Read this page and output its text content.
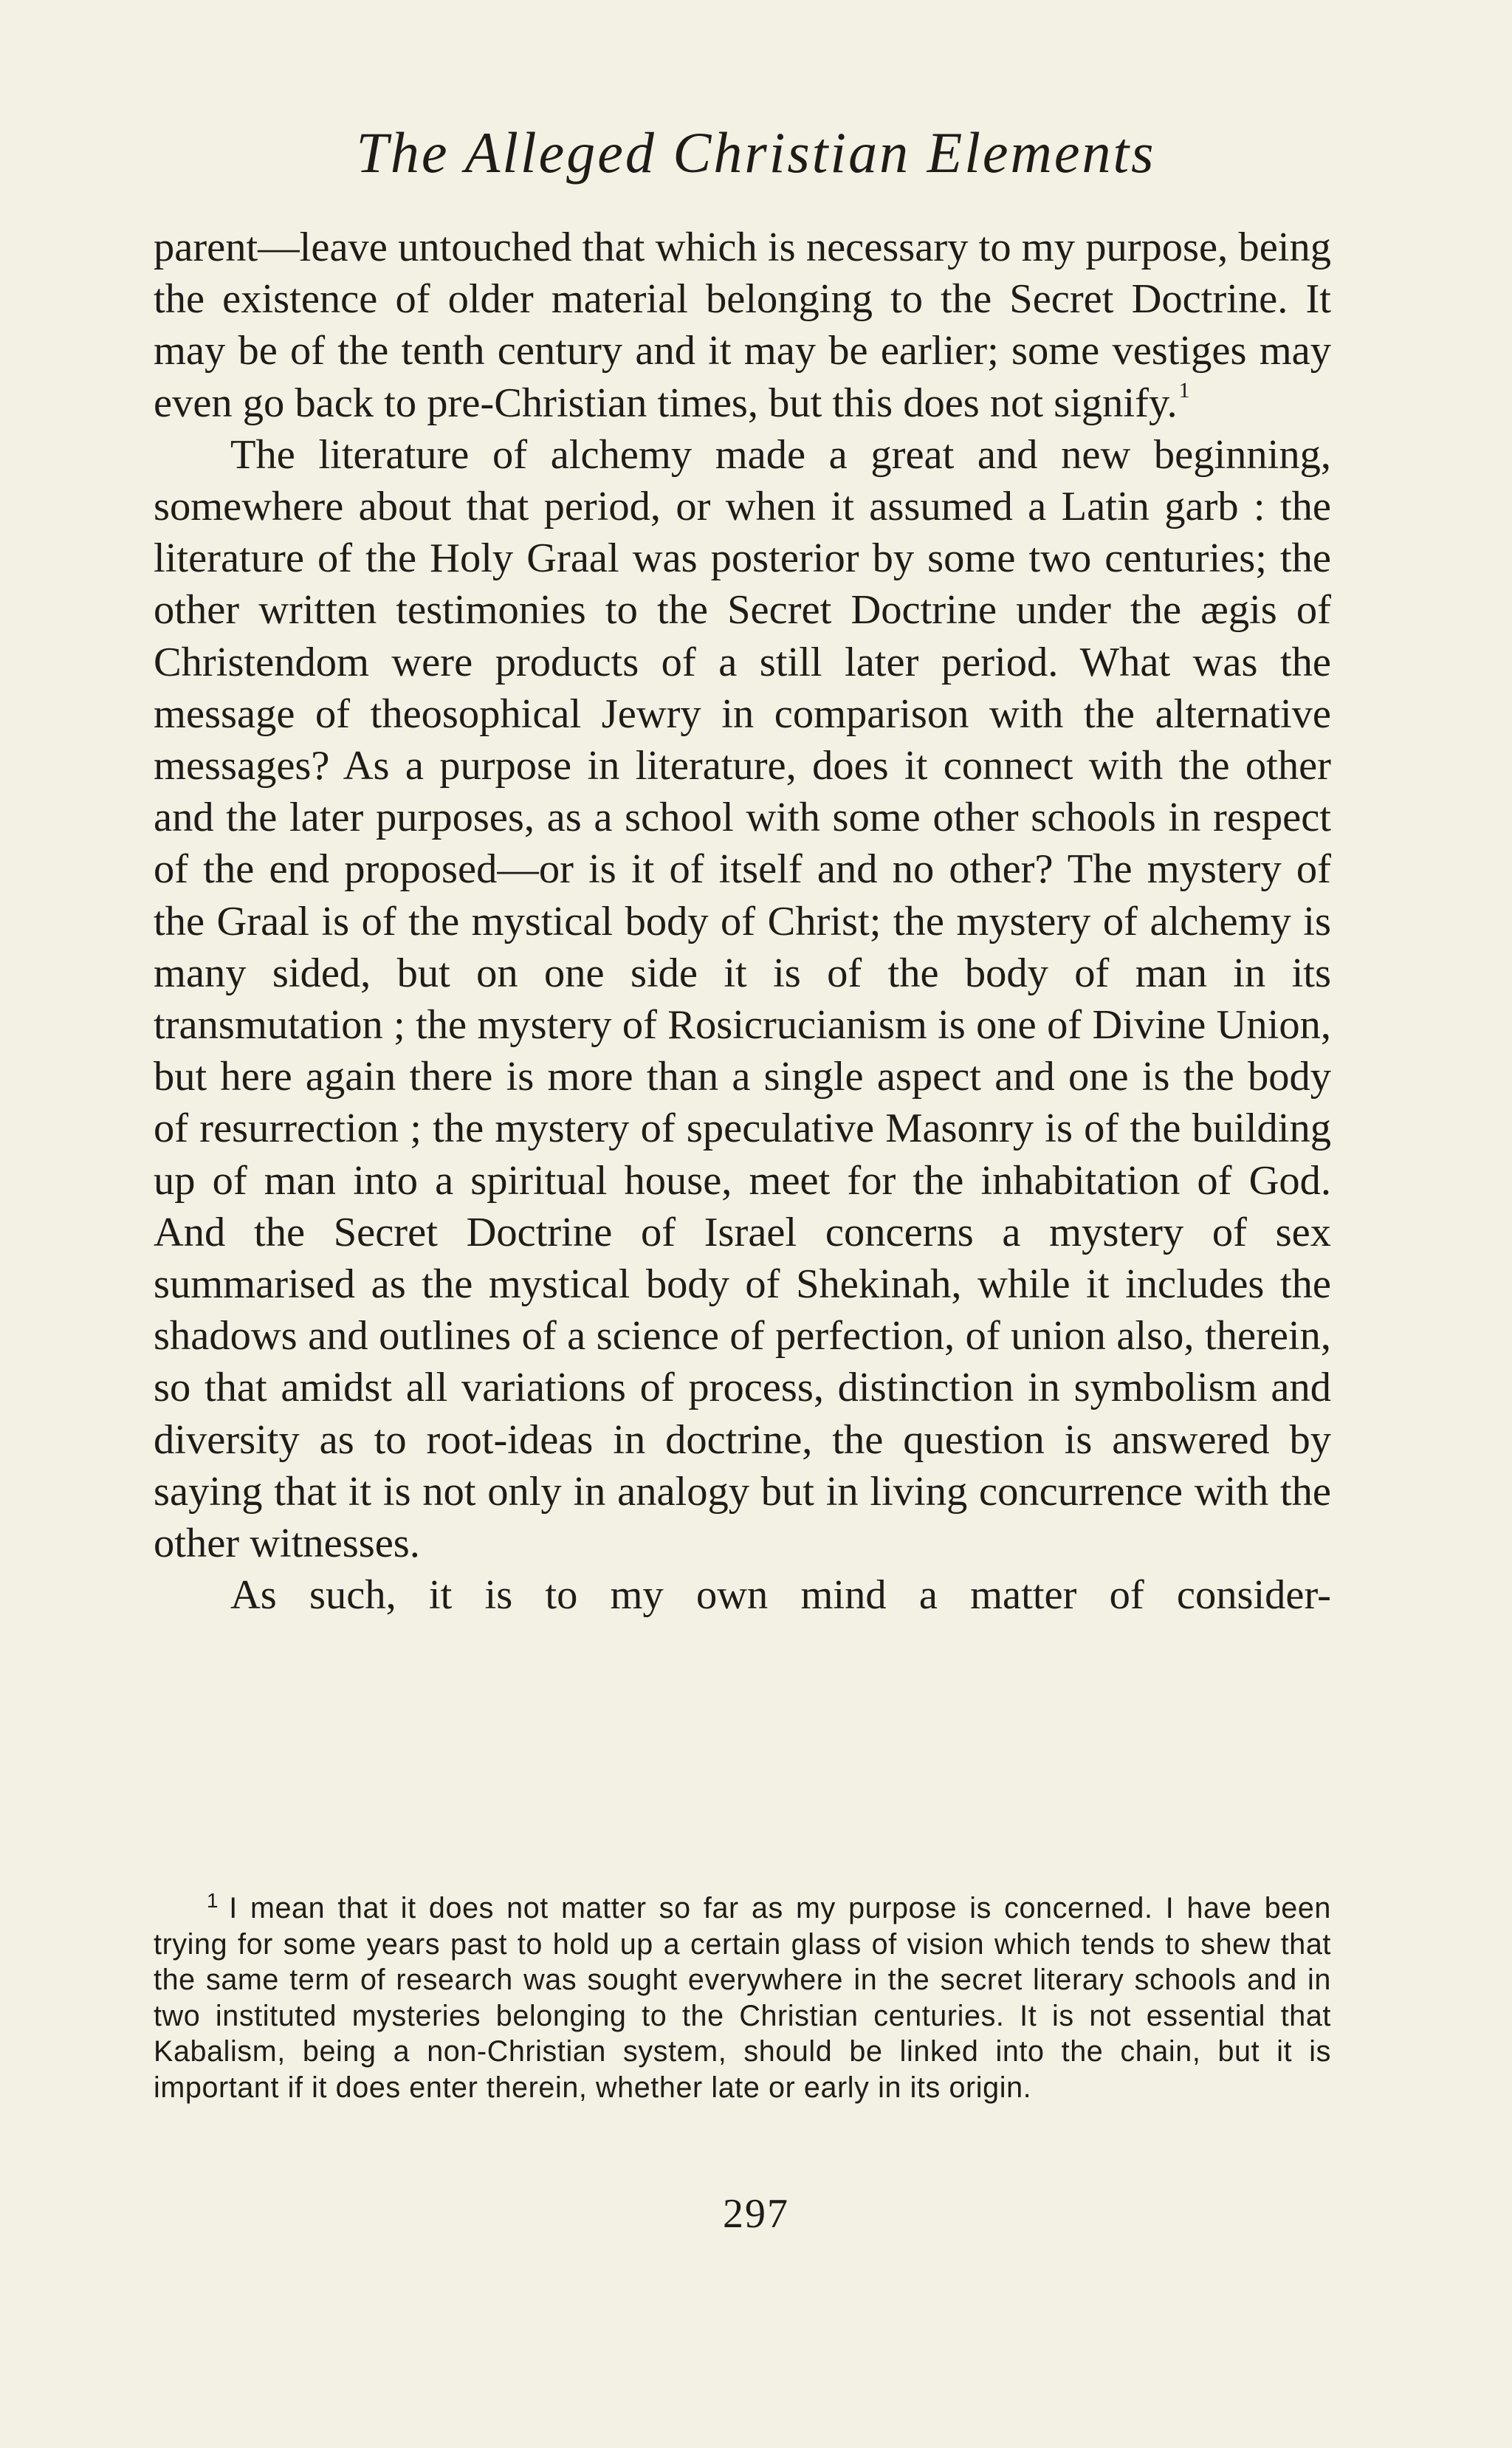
The Alleged Christian Elements

parent—leave untouched that which is necessary to my purpose, being the existence of older material belonging to the Secret Doctrine. It may be of the tenth century and it may be earlier; some vestiges may even go back to pre-Christian times, but this does not signify.$^1$

The literature of alchemy made a great and new beginning, somewhere about that period, or when it assumed a Latin garb : the literature of the Holy Graal was posterior by some two centuries; the other written testimonies to the Secret Doctrine under the ægis of Christendom were products of a still later period. What was the message of theosophical Jewry in comparison with the alternative messages? As a purpose in literature, does it connect with the other and the later purposes, as a school with some other schools in respect of the end proposed—or is it of itself and no other? The mystery of the Graal is of the mystical body of Christ; the mystery of alchemy is many sided, but on one side it is of the body of man in its transmutation ; the mystery of Rosicrucianism is one of Divine Union, but here again there is more than a single aspect and one is the body of resurrection ; the mystery of speculative Masonry is of the building up of man into a spiritual house, meet for the inhabitation of God. And the Secret Doctrine of Israel concerns a mystery of sex summarised as the mystical body of Shekinah, while it includes the shadows and outlines of a science of perfection, of union also, therein, so that amidst all variations of process, distinction in symbolism and diversity as to root-ideas in doctrine, the question is answered by saying that it is not only in analogy but in living concurrence with the other witnesses.

As such, it is to my own mind a matter of consider-

$^1$ I mean that it does not matter so far as my purpose is concerned. I have been trying for some years past to hold up a certain glass of vision which tends to shew that the same term of research was sought everywhere in the secret literary schools and in two instituted mysteries belonging to the Christian centuries. It is not essential that Kabalism, being a non-Christian system, should be linked into the chain, but it is important if it does enter therein, whether late or early in its origin.
297
